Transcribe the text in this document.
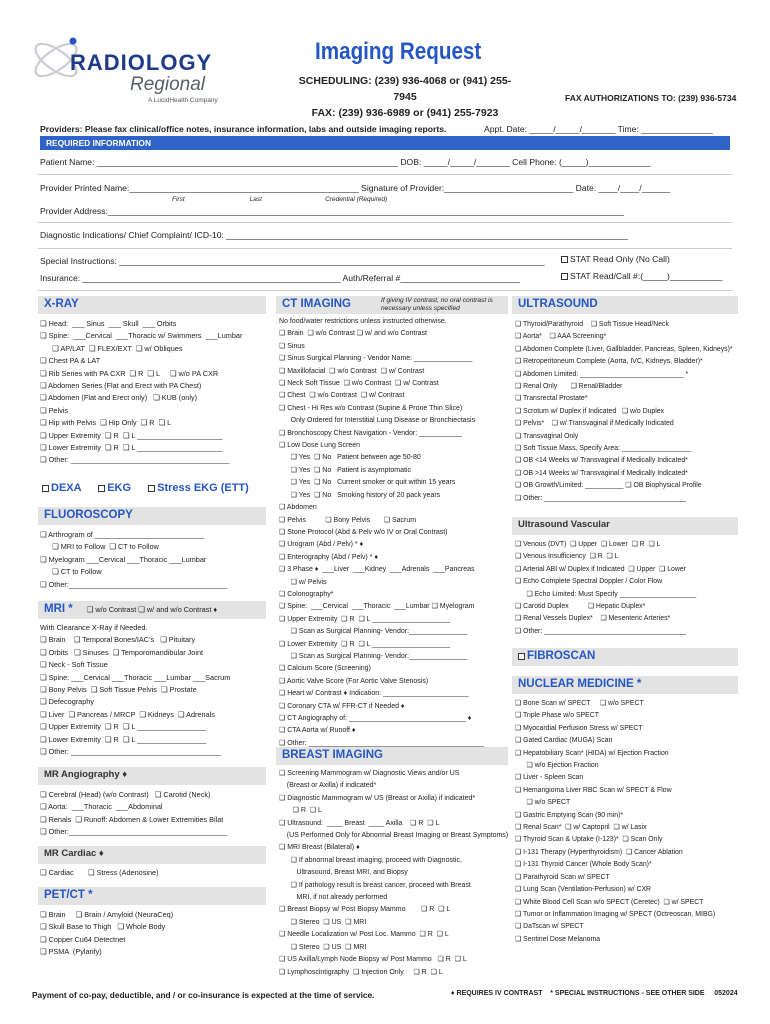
RADIOLOGY
Regional
A LucidHealth Company
Imaging Request
SCHEDULING: (239) 936-4068 or (941) 255-7945
FAX: (239) 936-6989 or (941) 255-7923
FAX AUTHORIZATIONS TO: (239) 936-5734
Providers: Please fax clinical/office notes, insurance information, labs and outside imaging reports.	Appt. Date: _____/_____/_______ Time: _______________
REQUIRED INFORMATION
Patient Name: _______________________________________________________________ DOB: _____/_____/_______ Cell Phone: (_____)_____________
Provider Printed Name:________________________________________________ Signature of Provider:___________________________ Date: ____/____/______
First                                    Last                                   Credential (Required)
Provider Address:____________________________________________________________________________________________________________
Diagnostic Indications/ Chief Complaint/ ICD-10: ____________________________________________________________________________________
Special Instructions: _________________________________________________________________________________________
Insurance: ______________________________________________________ Auth/Referral #_________________________
STAT Read Only (No Call)
STAT Read/Call #:(_____)___________
X-RAY
❑ Head:  ___ Sinus  ___ Skull  ___ Orbits
❑ Spine:  ___Cervical  ___Thoracic w/ Swimmers  ___Lumbar
❑ AP/LAT  ❑ FLEX/EXT  ❑ w/ Obliques
❑ Chest PA & LAT
❑ Rib Series with PA CXR  ❑ R  ❑ L     ❑ w/o PA CXR
❑ Abdomen Series (Flat and Erect with PA Chest)
❑ Abdomen (Flat and Erect only)   ❑ KUB (only)
❑ Pelvis
❑ Hip with Pelvis  ❑ Hip Only  ❑ R  ❑ L
❑ Upper Extremity  ❑ R  ❑ L _____________________
❑ Lower Extremity  ❑ R  ❑ L _____________________
❑ Other: _______________________________________
DEXA EKG Stress EKG (ETT)
FLUOROSCOPY
❑ Arthrogram of ___________________________
❑ MRI to Follow  ❑ CT to Follow
❑ Myelogram ___Cervical ___Thoracic ___Lumbar
❑ CT to Follow
❑ Other:_______________________________________
MRI * ❑ w/o Contrast ❑ w/ and w/o Contrast ♦
With Clearance X-Ray if Needed.
❑ Brain    ❑ Temporal Bones/IAC's   ❑ Pituitary
❑ Orbits   ❑ Sinuses  ❑ Temporomandibular Joint
❑ Neck - Soft Tissue
❑ Spine: ___Cervical ___Thoracic ___Lumbar ___Sacrum
❑ Bony Pelvis  ❑ Soft Tissue Pelvis  ❑ Prostate
❑ Defecography
❑ Liver  ❑ Pancreas / MRCP  ❑ Kidneys  ❑ Adrenals
❑ Upper Extremity  ❑ R  ❑ L _________________
❑ Lower Extremity  ❑ R  ❑ L _________________
❑ Other: _____________________________________
MR Angiography ♦
❑ Cerebral (Head) (w/o Contrast)   ❑ Carotid (Neck)
❑ Aorta:  ___Thoracic  ___Abdominal
❑ Renals  ❑ Runoff: Abdomen & Lower Extremities Bilat
❑ Other:_______________________________________
MR Cardiac ♦
❑ Cardiac       ❑ Stress (Adenosine)
PET/CT *
❑ Brain     ❑ Brain / Amyloid (NeuraCeq)
❑ Skull Base to Thigh   ❑ Whole Body
❑ Copper Cu64 Detectnet
❑ PSMA  (Pylarify)
CT IMAGING	If giving IV contrast, no oral contrast is necessary unless specified
No food/water restrictions unless instructed otherwise.
❑ Brain  ❑ w/o Contrast ❑ w/ and w/o Contrast
❑ Sinus
❑ Sinus Surgical Planning - Vendor Name: _______________
❑ Maxillofacial  ❑ w/o Contrast  ❑ w/ Contrast
❑ Neck Soft Tissue  ❑ w/o Contrast  ❑ w/ Contrast
❑ Chest  ❑ w/o Contrast  ❑ w/ Contrast
❑ Chest - Hi Res w/o Contrast (Supine & Prone Thin Slice)
Only Ordered for Interstitial Lung Disease or Bronchiectasis
❑ Bronchoscopy Chest Navigation - Vendor: ___________
❑ Low Dose Lung Screen
❑ Yes  ❑ No   Patient between age 50-80
❑ Yes  ❑ No   Patient is asymptomatic
❑ Yes  ❑ No   Current smoker or quit within 15 years
❑ Yes  ❑ No   Smoking history of 20 pack years
❑ Abdomen
❑ Pelvis          ❑ Bony Pelvis       ❑ Sacrum
❑ Stone Protocol (Abd & Pelv w/o IV or Oral Contrast)
❑ Urogram (Abd / Pelv) * ♦
❑ Enterography (Abd / Pelv) * ♦
❑ 3 Phase ♦  ___Liver  ___Kidney  ___Adrenals  ___Pancreas
❑ w/ Pelvis
❑ Colonography*
❑ Spine:  ___Cervical  ___Thoracic  ___Lumbar ❑ Myelogram
❑ Upper Extremity  ❑ R  ❑ L ____________________
❑ Scan as Surgical Planning- Vendor:_______________
❑ Lower Extremity  ❑ R  ❑ L ____________________
❑ Scan as Surgical Planning- Vendor:_______________
❑ Calcium Score (Screening)
❑ Aortic Valve Score (For Aortic Valve Stenosis)
❑ Heart w/ Contrast ♦ Indication: ______________________
❑ Coronary CTA w/ FFR-CT if Needed ♦
❑ CT Angiography of: ______________________________ ♦
❑ CTA Aorta w/ Runoff ♦
❑ Other: _____________________________________________
BREAST IMAGING
❑ Screening Mammogram w/ Diagnostic Views and/or US
(Breast or Axilla) if indicated*
❑ Diagnostic Mammogram w/ US (Breast or Axilla) if indicated*
❑ R  ❑ L
❑ Ultrasound:  ____ Breast  ____ Axilla    ❑ R  ❑ L
(US Performed Only for Abnormal Breast Imaging or Breast Symptoms)
❑ MRI Breast (Bilateral) ♦
❑ If abnormal breast imaging, proceed with Diagnostic,
Ultrasound, Breast MRI, and Biopsy
❑ If pathology result is breast cancer, proceed with Breast
MRI, if not already performed
❑ Breast Biopsy w/ Post Biopsy Mammo        ❑ R  ❑ L
❑ Stereo  ❑ US  ❑ MRI
❑ Needle Localization w/ Post Loc. Mammo  ❑ R  ❑ L
❑ Stereo  ❑ US  ❑ MRI
❑ US Axilla/Lymph Node Biopsy w/ Post Mammo   ❑ R  ❑ L
❑ Lymphoscintigraphy  ❑ Injection Only     ❑ R  ❑ L
ULTRASOUND
❑ Thyroid/Parathyroid    ❑ Soft Tissue Head/Neck
❑ Aorta*    ❑ AAA Screening*
❑ Abdomen Complete (Liver, Gallbladder, Pancreas, Spleen, Kidneys)*
❑ Retroperitoneum Complete (Aorta, IVC, Kidneys, Bladder)*
❑ Abdomen Limited: ___________________________ *
❑ Renal Only       ❑ Renal/Bladder
❑ Transrectal Prostate*
❑ Scrotum w/ Duplex if Indicated   ❑ w/o Duplex
❑ Pelvis*    ❑ w/ Transvaginal if Medically Indicated
❑ Transvaginal Only
❑ Soft Tissue Mass, Specify Area: __________________
❑ OB <14 Weeks w/ Transvaginal if Medically Indicated*
❑ OB >14 Weeks w/ Transvaginal if Medically Indicated*
❑ OB Growth/Limited: __________ ❑ OB Biophysical Profile
❑ Other: _____________________________________
Ultrasound Vascular
❑ Venous (DVT)  ❑ Upper  ❑ Lower  ❑ R  ❑ L
❑ Venous Insufficiency  ❑ R  ❑ L
❑ Arterial ABI w/ Duplex if Indicated  ❑ Upper  ❑ Lower
❑ Echo Complete Spectral Doppler / Color Flow
❑ Echo Limited: Must Specify ____________________
❑ Carotid Duplex          ❑ Hepatic Duplex*
❑ Renal Vessels Duplex*    ❑ Mesenteric Arteries*
❑ Other: _____________________________________
FIBROSCAN
NUCLEAR MEDICINE *
❑ Bone Scan w/ SPECT     ❑ w/o SPECT
❑ Triple Phase w/o SPECT
❑ Myocardial Perfusion Stress w/ SPECT
❑ Gated Cardiac (MUGA) Scan
❑ Hepatobiliary Scan* (HIDA) w/ Ejection Fraction
❑ w/o Ejection Fraction
❑ Liver - Spleen Scan
❑ Hemangioma Liver RBC Scan w/ SPECT & Flow
❑ w/o SPECT
❑ Gastric Emptying Scan (90 min)*
❑ Renal Scan*  ❑ w/ Captopril  ❑ w/ Lasix
❑ Thyroid Scan & Uptake (I-123)*  ❑ Scan Only
❑ I-131 Therapy (Hyperthyroidism)  ❑ Cancer Ablation
❑ I-131 Thyroid Cancer (Whole Body Scan)*
❑ Parathyroid Scan w/ SPECT
❑ Lung Scan (Ventilation-Perfusion) w/ CXR
❑ White Blood Cell Scan w/o SPECT (Ceretec)  ❑ w/ SPECT
❑ Tumor or Inflammation Imaging w/ SPECT (Octreoscan, MIBG)
❑ DaTscan w/ SPECT
❑ Sentinel Dose Melanoma
Payment of co-pay, deductible, and / or co-insurance is expected at the time of service.	♦ REQUIRES IV CONTRAST    * SPECIAL INSTRUCTIONS - SEE OTHER SIDE     052024
